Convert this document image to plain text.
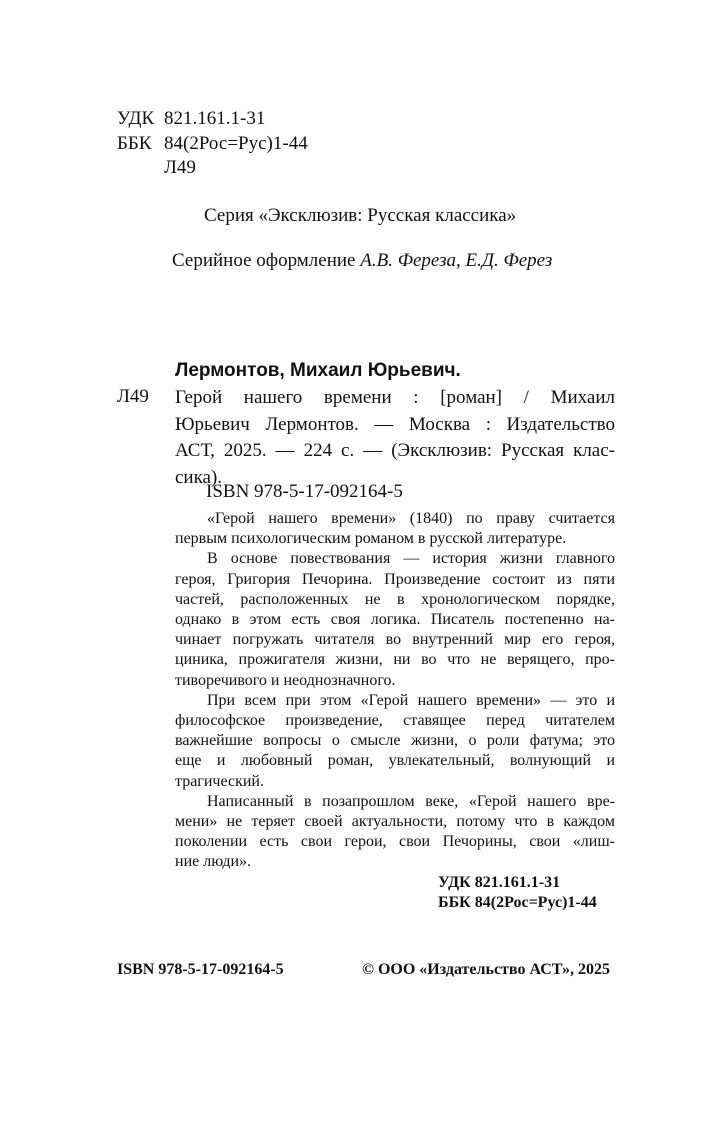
УДК 821.161.1-31
ББК 84(2Рос=Рус)1-44
Л49
Серия «Эксклюзив: Русская классика»
Серийное оформление А.В. Фереза, Е.Д. Ферез
Лермонтов, Михаил Юрьевич.
Л49 Герой нашего времени : [роман] / Михаил
Юрьевич Лермонтов. — Москва : Издательство
АСТ, 2025. — 224 с. — (Эксклюзив: Русская клас-
сика).
ISBN 978-5-17-092164-5
«Герой нашего времени» (1840) по праву считается
первым психологическим романом в русской литературе.
В основе повествования — история жизни главного
героя, Григория Печорина. Произведение состоит из пяти
частей, расположенных не в хронологическом порядке,
однако в этом есть своя логика. Писатель постепенно на-
чинает погружать читателя во внутренний мир его героя,
циника, прожигателя жизни, ни во что не верящего, про-
тиворечивого и неоднозначного.
При всем при этом «Герой нашего времени» — это и
философское произведение, ставящее перед читателем
важнейшие вопросы о смысле жизни, о роли фатума; это
еще и любовный роман, увлекательный, волнующий и
трагический.
Написанный в позапрошлом веке, «Герой нашего вре-
мени» не теряет своей актуальности, потому что в каждом
поколении есть свои герои, свои Печорины, свои «лиш-
ние люди».
УДК 821.161.1-31
ББК 84(2Рос=Рус)1-44
ISBN 978-5-17-092164-5	© ООО «Издательство АСТ», 2025
